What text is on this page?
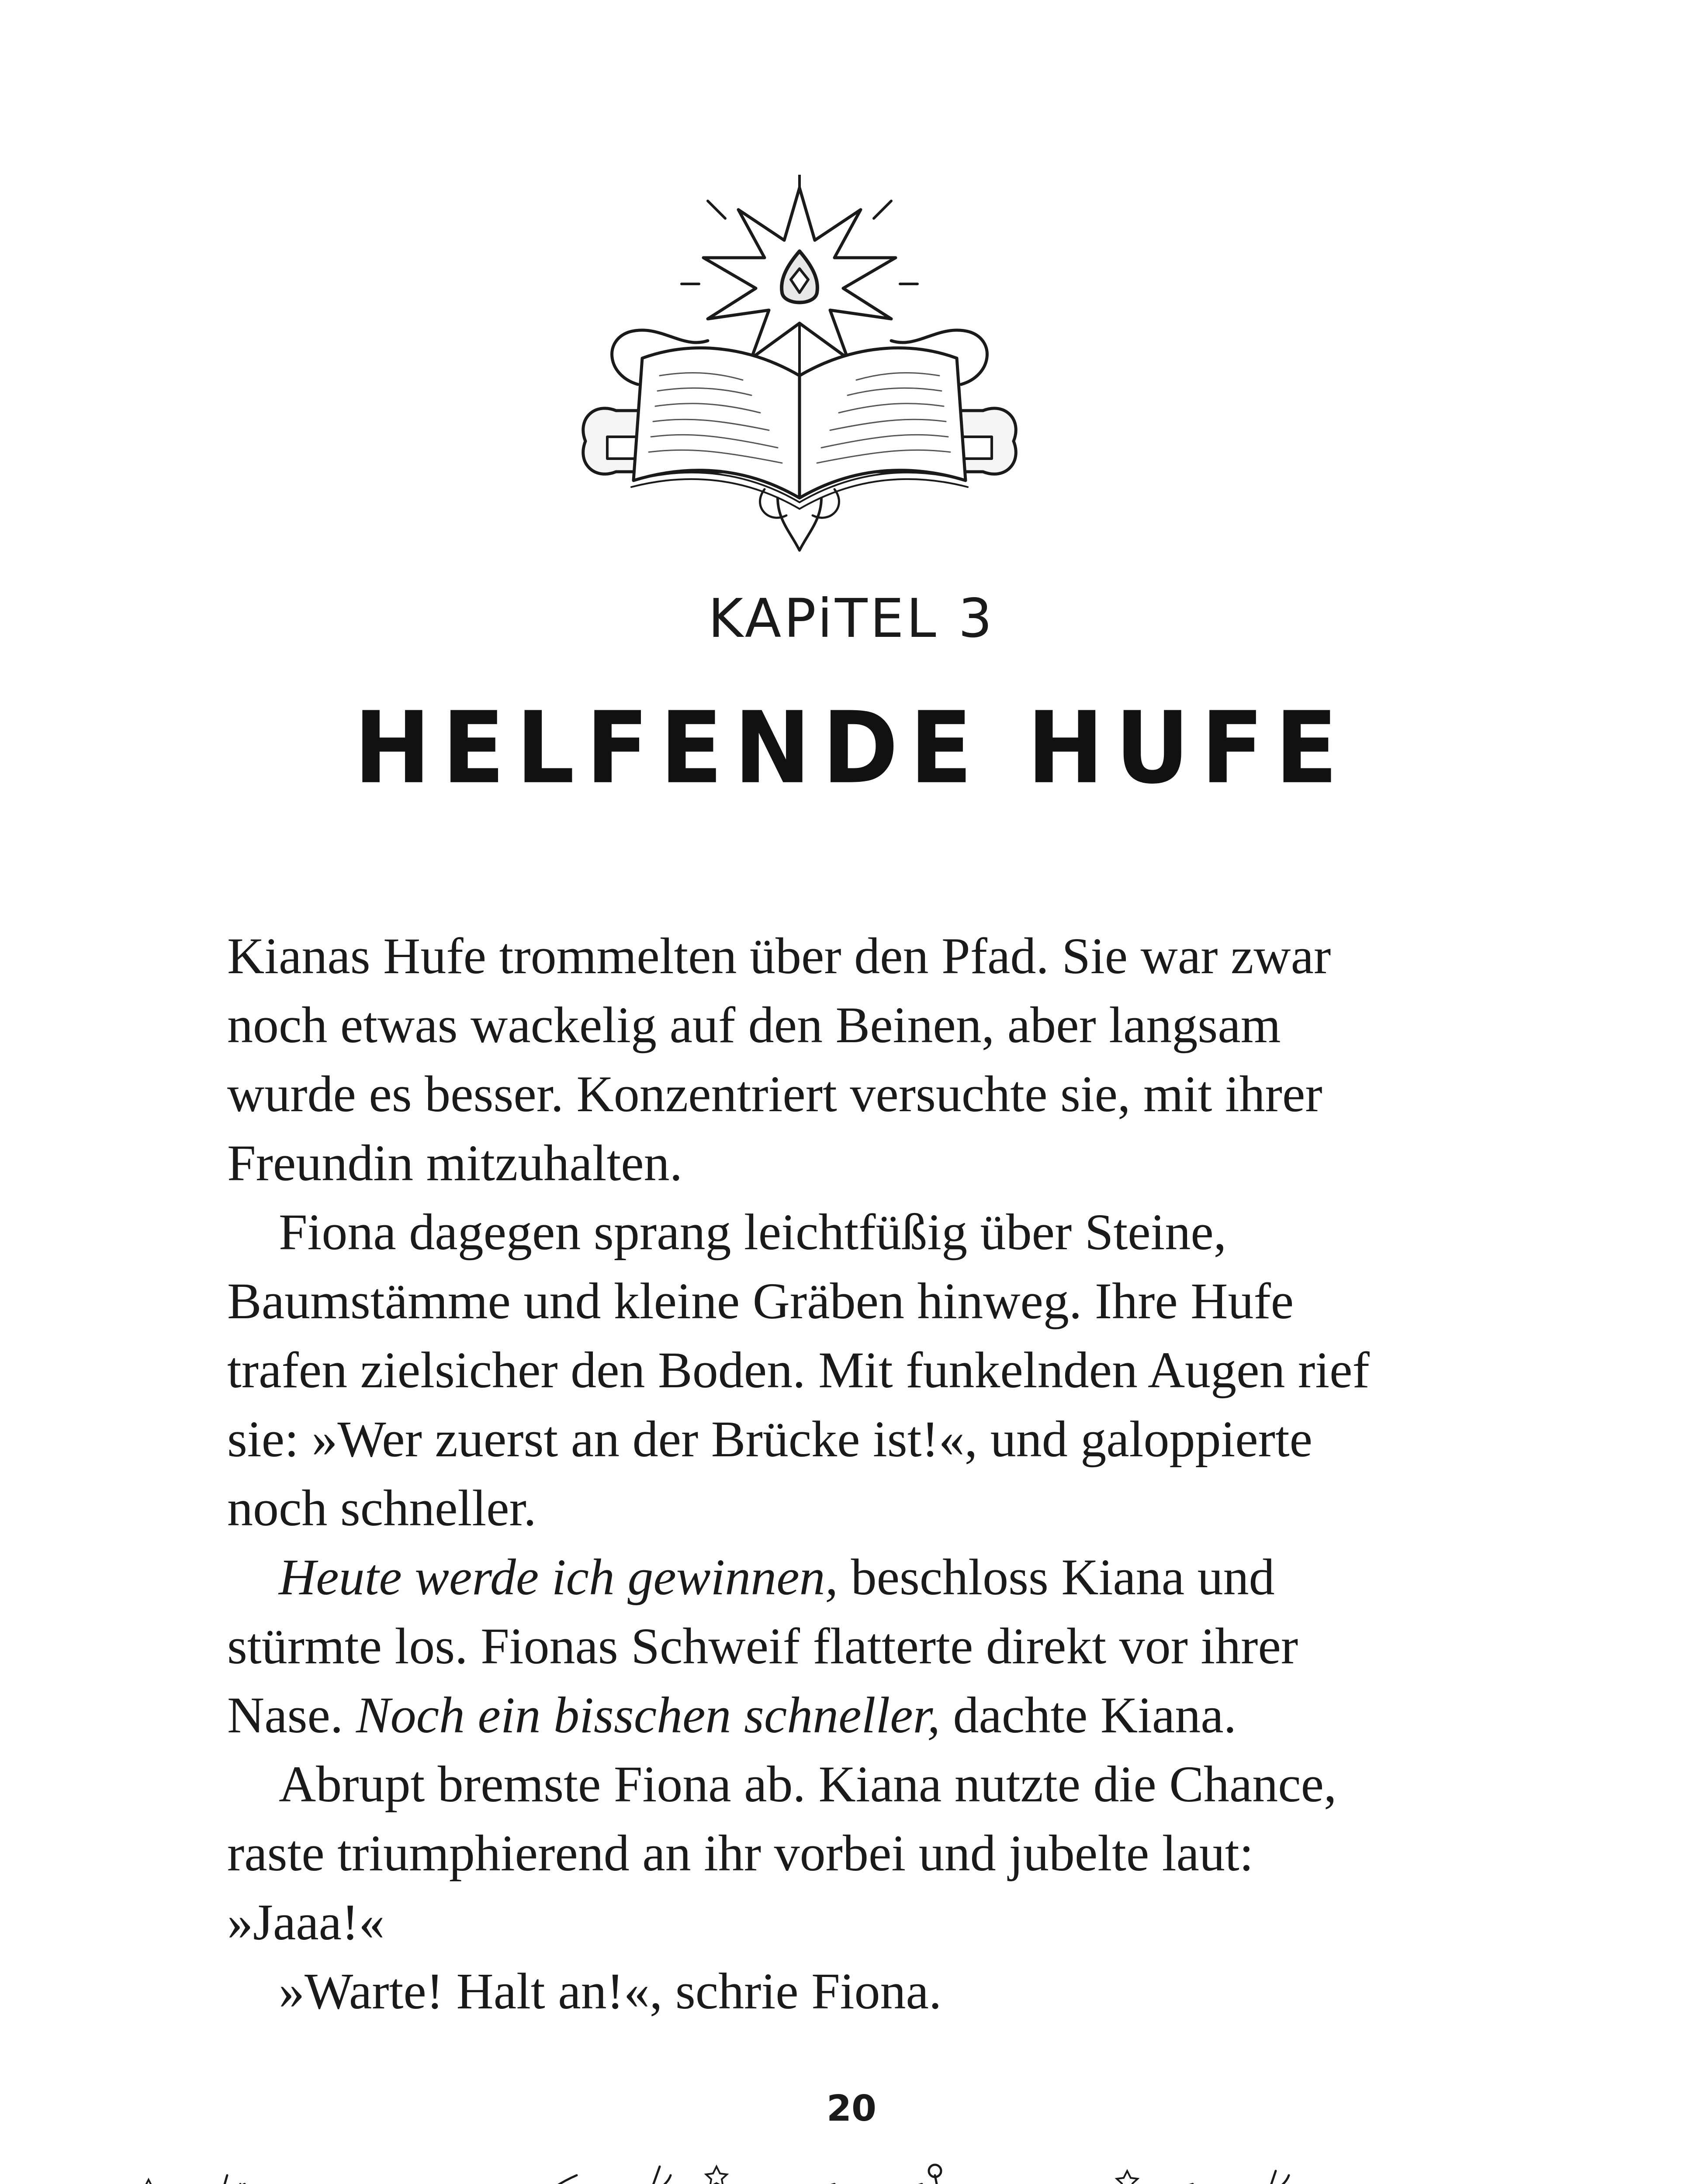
KAPiTEL 3
HELFENDE HUFE

Kianas Hufe trommelten über den Pfad. Sie war zwar noch etwas wackelig auf den Beinen, aber langsam wurde es besser. Konzentriert versuchte sie, mit ihrer Freundin mitzuhalten.

Fiona dagegen sprang leichtfüßig über Steine, Baumstämme und kleine Gräben hinweg. Ihre Hufe trafen zielsicher den Boden. Mit funkelnden Augen rief sie: »Wer zuerst an der Brücke ist!«, und galoppierte noch schneller.

Heute werde ich gewinnen, beschloss Kiana und stürmte los. Fionas Schweif flatterte direkt vor ihrer Nase. Noch ein bisschen schneller, dachte Kiana.

Abrupt bremste Fiona ab. Kiana nutzte die Chance, raste triumphierend an ihr vorbei und jubelte laut: »Jaaa!«

»Warte! Halt an!«, schrie Fiona.

20
